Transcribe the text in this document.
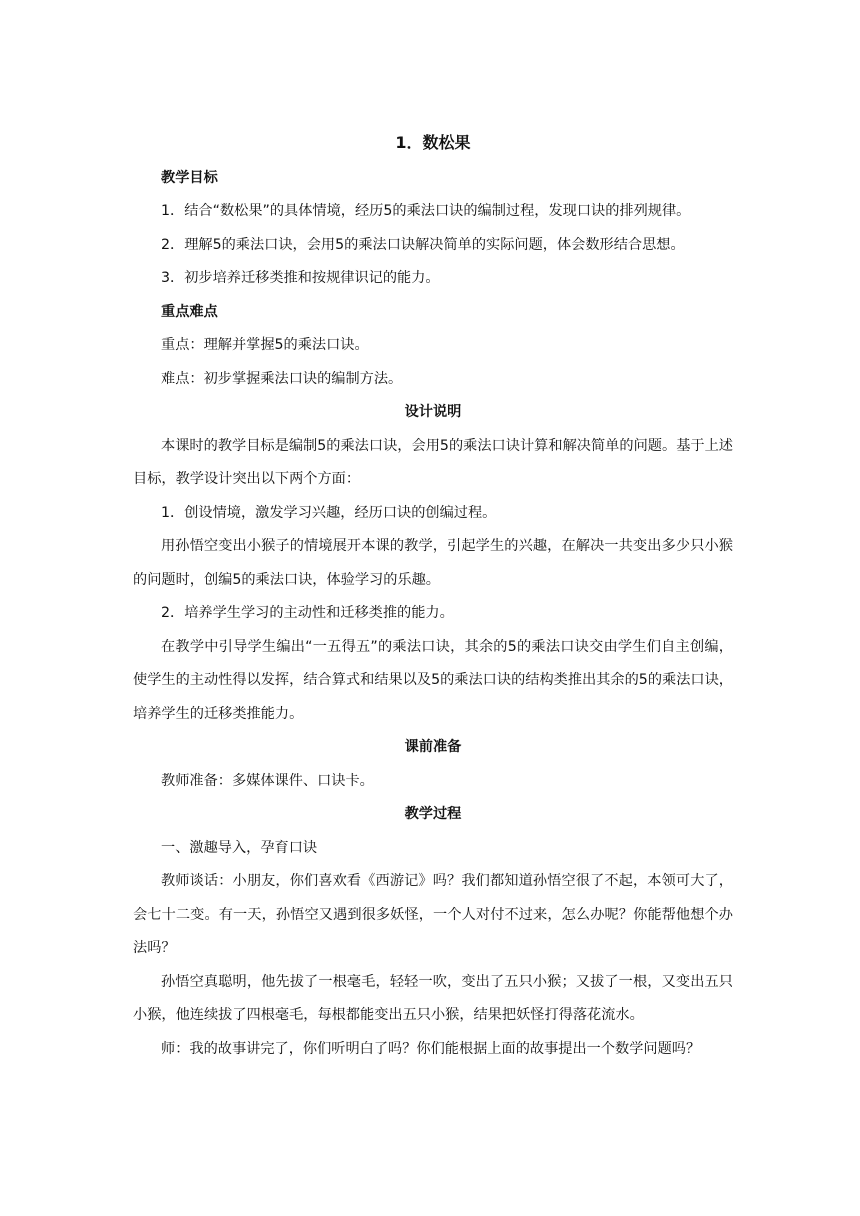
1．数松果

教学目标

1．结合“数松果”的具体情境，经历5的乘法口诀的编制过程，发现口诀的排列规律。

2．理解5的乘法口诀，会用5的乘法口诀解决简单的实际问题，体会数形结合思想。

3．初步培养迁移类推和按规律识记的能力。

重点难点

重点：理解并掌握5的乘法口诀。

难点：初步掌握乘法口诀的编制方法。

设计说明

本课时的教学目标是编制5的乘法口诀，会用5的乘法口诀计算和解决简单的问题。基于上述目标，教学设计突出以下两个方面：

1．创设情境，激发学习兴趣，经历口诀的创编过程。

用孙悟空变出小猴子的情境展开本课的教学，引起学生的兴趣，在解决一共变出多少只小猴的问题时，创编5的乘法口诀，体验学习的乐趣。

2．培养学生学习的主动性和迁移类推的能力。

在教学中引导学生编出“一五得五”的乘法口诀，其余的5的乘法口诀交由学生们自主创编，使学生的主动性得以发挥，结合算式和结果以及5的乘法口诀的结构类推出其余的5的乘法口诀，培养学生的迁移类推能力。

课前准备

教师准备：多媒体课件、口诀卡。

教学过程

一、激趣导入，孕育口诀

教师谈话：小朋友，你们喜欢看《西游记》吗？我们都知道孙悟空很了不起，本领可大了，会七十二变。有一天，孙悟空又遇到很多妖怪，一个人对付不过来，怎么办呢？你能帮他想个办法吗？

孙悟空真聪明，他先拔了一根毫毛，轻轻一吹，变出了五只小猴；又拔了一根，又变出五只小猴，他连续拔了四根毫毛，每根都能变出五只小猴，结果把妖怪打得落花流水。

师：我的故事讲完了，你们听明白了吗？你们能根据上面的故事提出一个数学问题吗？
